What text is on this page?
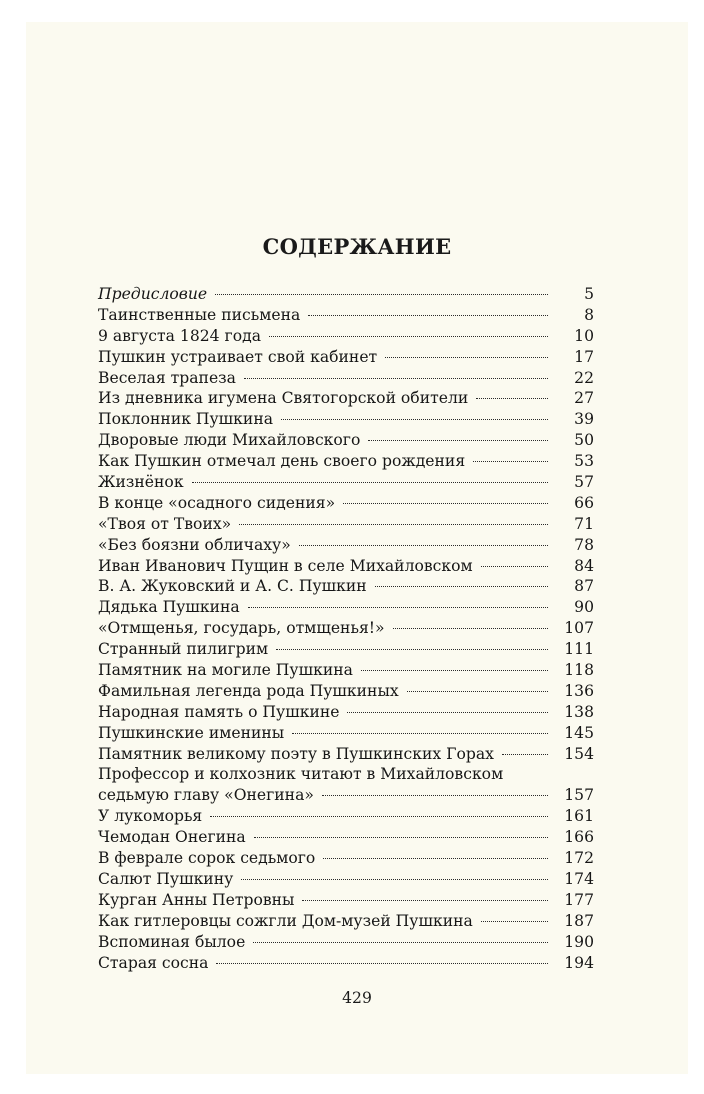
СОДЕРЖАНИЕ
Предисловие	5
Таинственные письмена	8
9 августа 1824 года	10
Пушкин устраивает свой кабинет	17
Веселая трапеза	22
Из дневника игумена Святогорской обители	27
Поклонник Пушкина	39
Дворовые люди Михайловского	50
Как Пушкин отмечал день своего рождения	53
Жизнёнок	57
В конце «осадного сидения»	66
«Твоя от Твоих»	71
«Без боязни обличаху»	78
Иван Иванович Пущин в селе Михайловском	84
В. А. Жуковский и А. С. Пушкин	87
Дядька Пушкина	90
«Отмщенья, государь, отмщенья!»	107
Странный пилигрим	111
Памятник на могиле Пушкина	118
Фамильная легенда рода Пушкиных	136
Народная память о Пушкине	138
Пушкинские именины	145
Памятник великому поэту в Пушкинских Горах	154
Профессор и колхозник читают в Михайловском
седьмую главу «Онегина»	157
У лукоморья	161
Чемодан Онегина	166
В феврале сорок седьмого	172
Салют Пушкину	174
Курган Анны Петровны	177
Как гитлеровцы сожгли Дом-музей Пушкина	187
Вспоминая былое	190
Старая сосна	194
429
